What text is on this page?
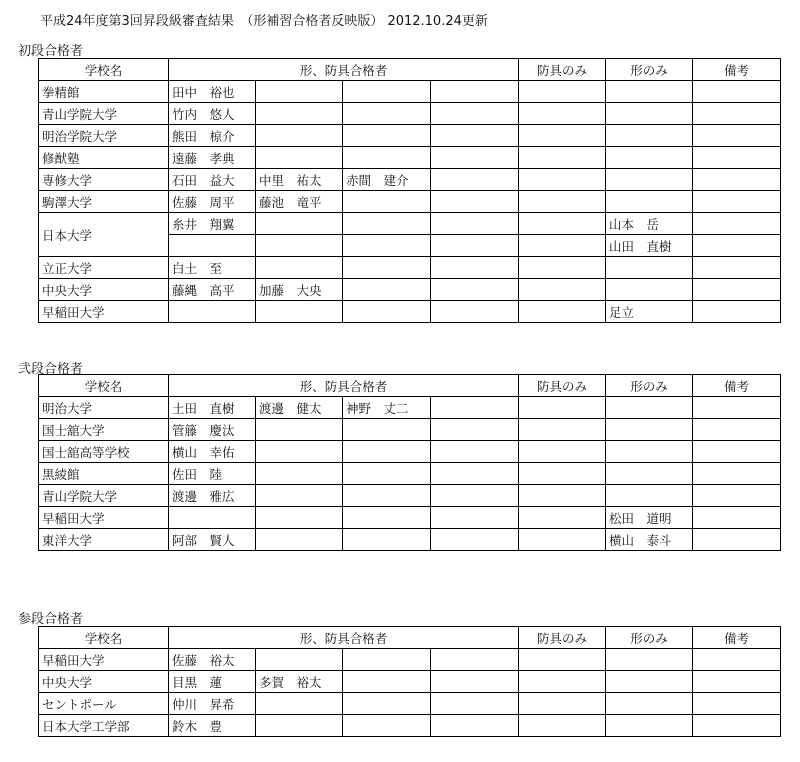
平成24年度第3回昇段級審査結果　（形補習合格者反映版） 2012.10.24更新
初段合格者
学校名	形、防具合格者				防具のみ	形のみ	備考
拳精館	田中　裕也						
青山学院大学	竹内　悠人						
明治学院大学	熊田　椋介						
修猷塾	遠藤　孝典						
専修大学	石田　益大	中里　祐太	赤間　建介				
駒澤大学	佐藤　周平	藤池　竜平					
日本大学	糸井　翔翼					山本　岳	
						山田　直樹	
立正大学	白土　至						
中央大学	藤縄　高平	加藤　大央					
早稲田大学						足立	
弐段合格者
学校名	形、防具合格者				防具のみ	形のみ	備考
明治大学	土田　直樹	渡邊　健太	神野　丈二				
国士舘大学	管籐　慶汰						
国士舘高等学校	横山　幸佑						
黒綾館	佐田　陸						
青山学院大学	渡邊　雅広						
早稲田大学						松田　道明	
東洋大学	阿部　賢人					横山　泰斗	
参段合格者
学校名	形、防具合格者				防具のみ	形のみ	備考
早稲田大学	佐藤　裕太						
中央大学	目黒　蓮	多賀　裕太					
セントポール	仲川　昇希						
日本大学工学部	鈴木　豊						
